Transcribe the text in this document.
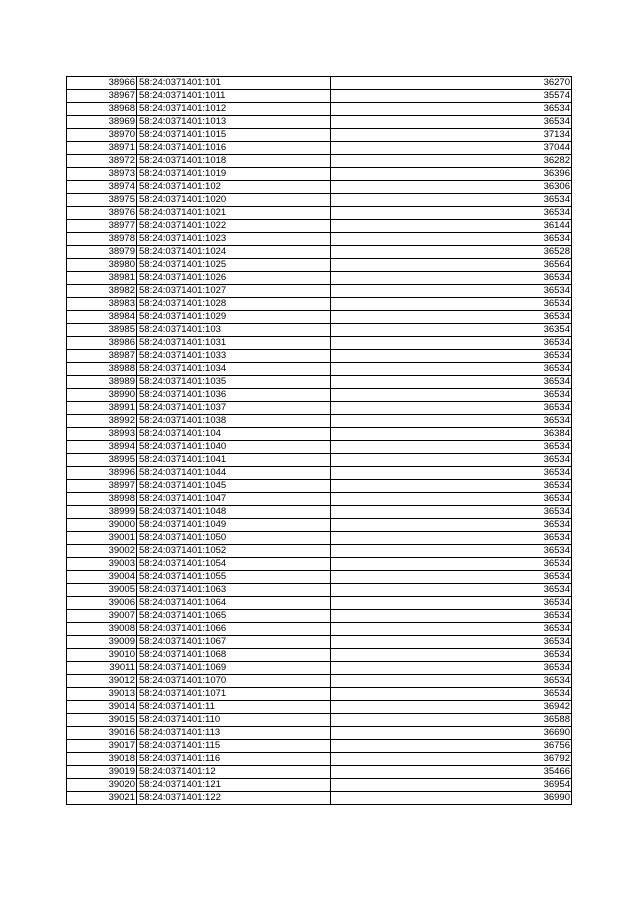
38966	58:24:0371401:101	36270
38967	58:24:0371401:1011	35574
38968	58:24:0371401:1012	36534
38969	58:24:0371401:1013	36534
38970	58:24:0371401:1015	37134
38971	58:24:0371401:1016	37044
38972	58:24:0371401:1018	36282
38973	58:24:0371401:1019	36396
38974	58:24:0371401:102	36306
38975	58:24:0371401:1020	36534
38976	58:24:0371401:1021	36534
38977	58:24:0371401:1022	36144
38978	58:24:0371401:1023	36534
38979	58:24:0371401:1024	36528
38980	58:24:0371401:1025	36564
38981	58:24:0371401:1026	36534
38982	58:24:0371401:1027	36534
38983	58:24:0371401:1028	36534
38984	58:24:0371401:1029	36534
38985	58:24:0371401:103	36354
38986	58:24:0371401:1031	36534
38987	58:24:0371401:1033	36534
38988	58:24:0371401:1034	36534
38989	58:24:0371401:1035	36534
38990	58:24:0371401:1036	36534
38991	58:24:0371401:1037	36534
38992	58:24:0371401:1038	36534
38993	58:24:0371401:104	36384
38994	58:24:0371401:1040	36534
38995	58:24:0371401:1041	36534
38996	58:24:0371401:1044	36534
38997	58:24:0371401:1045	36534
38998	58:24:0371401:1047	36534
38999	58:24:0371401:1048	36534
39000	58:24:0371401:1049	36534
39001	58:24:0371401:1050	36534
39002	58:24:0371401:1052	36534
39003	58:24:0371401:1054	36534
39004	58:24:0371401:1055	36534
39005	58:24:0371401:1063	36534
39006	58:24:0371401:1064	36534
39007	58:24:0371401:1065	36534
39008	58:24:0371401:1066	36534
39009	58:24:0371401:1067	36534
39010	58:24:0371401:1068	36534
39011	58:24:0371401:1069	36534
39012	58:24:0371401:1070	36534
39013	58:24:0371401:1071	36534
39014	58:24:0371401:11	36942
39015	58:24:0371401:110	36588
39016	58:24:0371401:113	36690
39017	58:24:0371401:115	36756
39018	58:24:0371401:116	36792
39019	58:24:0371401:12	35466
39020	58:24:0371401:121	36954
39021	58:24:0371401:122	36990
